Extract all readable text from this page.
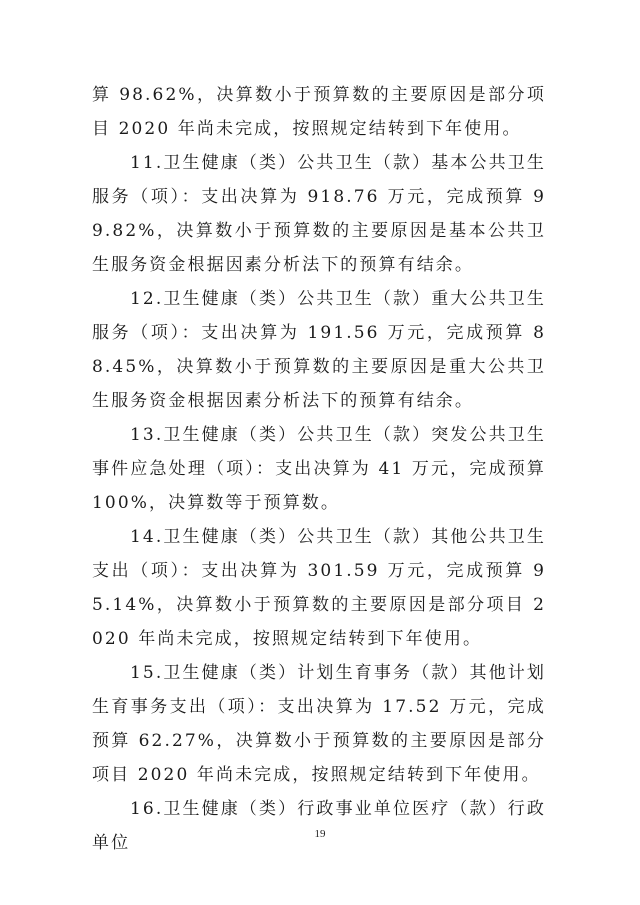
算 98.62%，决算数小于预算数的主要原因是部分项目 2020 年尚未完成，按照规定结转到下年使用。

11.卫生健康（类）公共卫生（款）基本公共卫生服务（项）：支出决算为 918.76 万元，完成预算 99.82%，决算数小于预算数的主要原因是基本公共卫生服务资金根据因素分析法下的预算有结余。

12.卫生健康（类）公共卫生（款）重大公共卫生服务（项）：支出决算为 191.56 万元，完成预算 88.45%，决算数小于预算数的主要原因是重大公共卫生服务资金根据因素分析法下的预算有结余。

13.卫生健康（类）公共卫生（款）突发公共卫生事件应急处理（项）：支出决算为 41 万元，完成预算 100%，决算数等于预算数。

14.卫生健康（类）公共卫生（款）其他公共卫生支出（项）：支出决算为 301.59 万元，完成预算 95.14%，决算数小于预算数的主要原因是部分项目 2020 年尚未完成，按照规定结转到下年使用。

15.卫生健康（类）计划生育事务（款）其他计划生育事务支出（项）：支出决算为 17.52 万元，完成预算 62.27%，决算数小于预算数的主要原因是部分项目 2020 年尚未完成，按照规定结转到下年使用。

16.卫生健康（类）行政事业单位医疗（款）行政单位	19
